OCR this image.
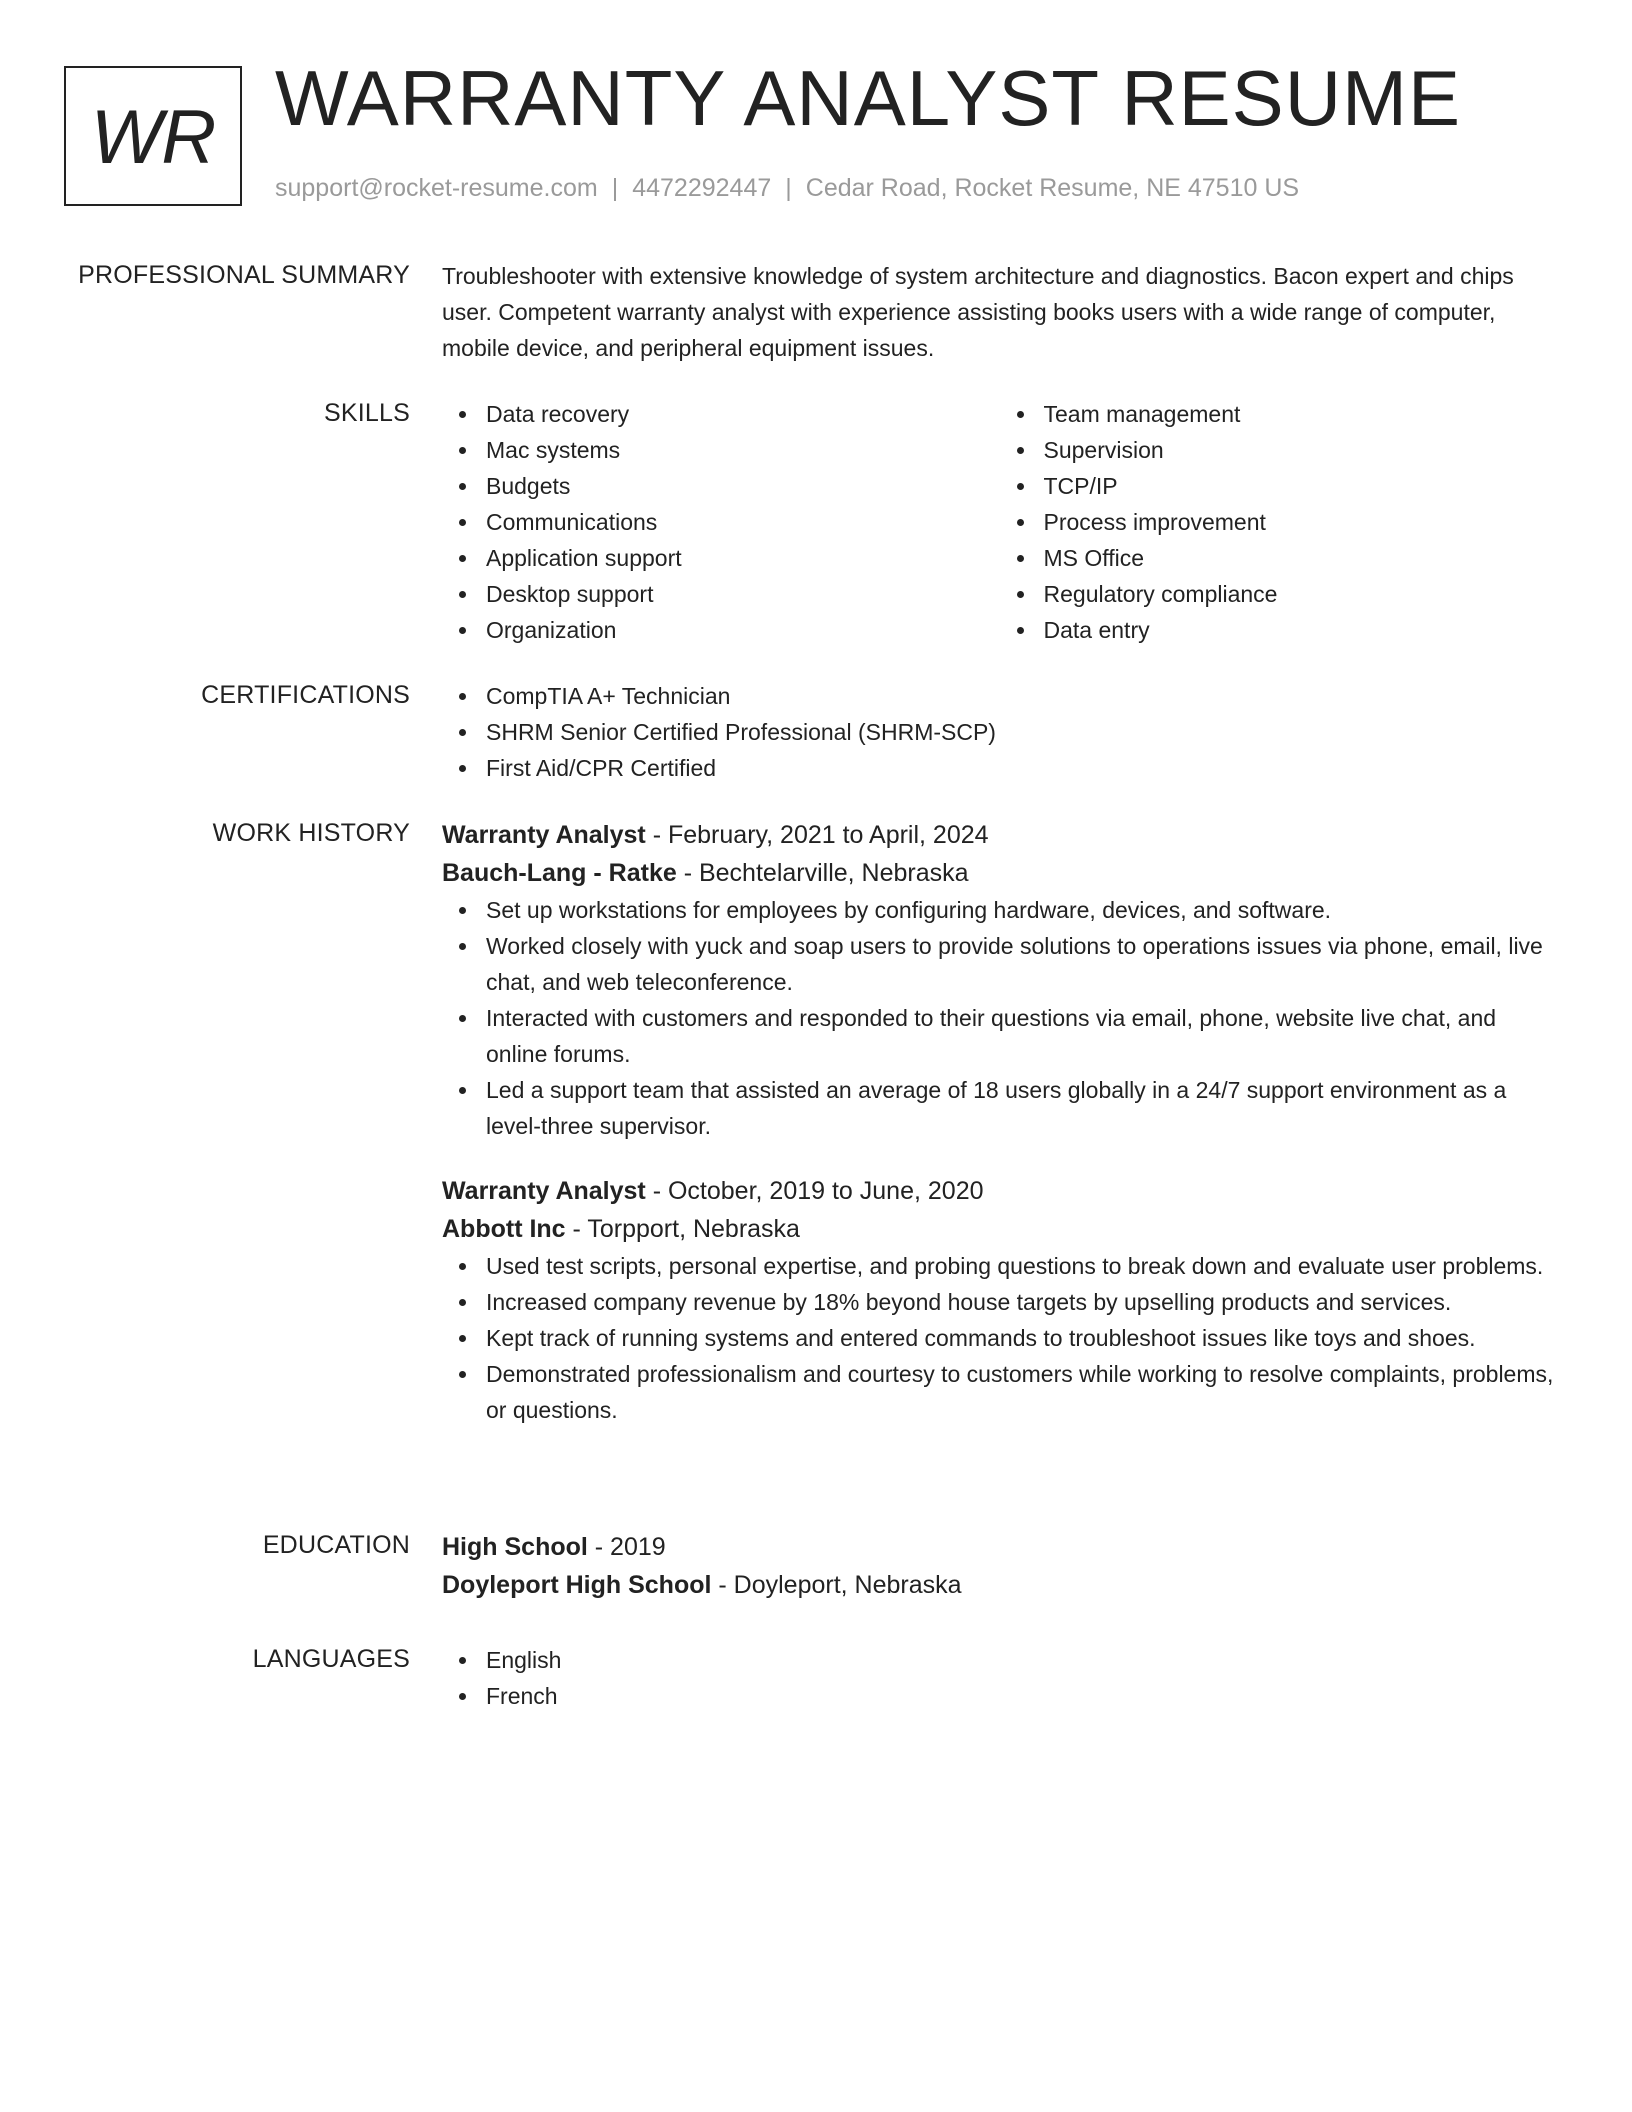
WR WARRANTY ANALYST RESUME
support@rocket-resume.com | 4472292447 | Cedar Road, Rocket Resume, NE 47510 US
PROFESSIONAL SUMMARY Troubleshooter with extensive knowledge of system architecture and diagnostics. Bacon expert and chips user. Competent warranty analyst with experience assisting books users with a wide range of computer, mobile device, and peripheral equipment issues.

SKILLS	Data recovery
Mac systems
Budgets
Communications
Application support
Desktop support
Organization
Team management
Supervision
TCP/IP
Process improvement
MS Office
Regulatory compliance
Data entry
CERTIFICATIONS	CompTIA A+ Technician
SHRM Senior Certified Professional (SHRM-SCP)
First Aid/CPR Certified
WORK HISTORY Warranty Analyst - February, 2021 to April, 2024
Bauch-Lang - Ratke - Bechtelarville, Nebraska
Set up workstations for employees by configuring hardware, devices, and software.
Worked closely with yuck and soap users to provide solutions to operations issues via phone, email, live chat, and web teleconference.
Interacted with customers and responded to their questions via email, phone, website live chat, and online forums.
Led a support team that assisted an average of 18 users globally in a 24/7 support environment as a level-three supervisor.
Warranty Analyst - October, 2019 to June, 2020
Abbott Inc - Torpport, Nebraska
Used test scripts, personal expertise, and probing questions to break down and evaluate user problems.
Increased company revenue by 18% beyond house targets by upselling products and services.
Kept track of running systems and entered commands to troubleshoot issues like toys and shoes.
Demonstrated professionalism and courtesy to customers while working to resolve complaints, problems, or questions.
EDUCATION High School - 2019
Doyleport High School - Doyleport, Nebraska
LANGUAGES	English
French
